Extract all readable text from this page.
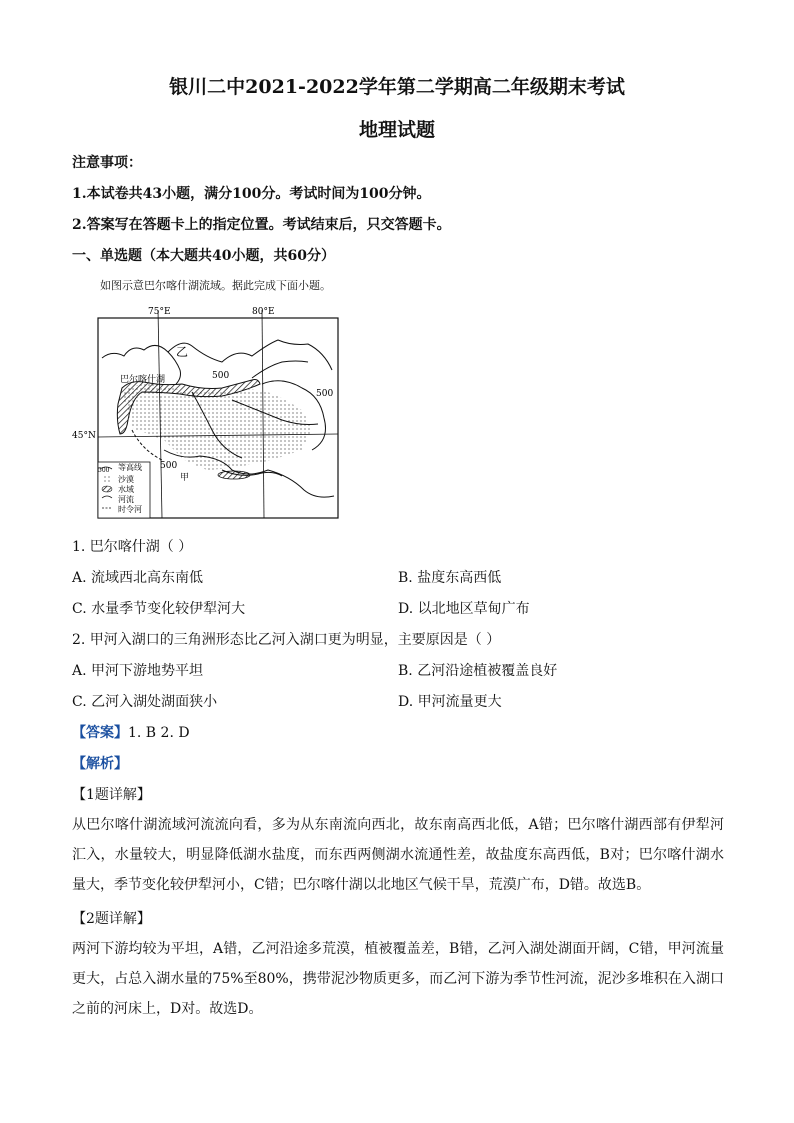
银川二中2021-2022学年第二学期高二年级期末考试
地理试题
注意事项：
1.本试卷共43小题，满分100分。考试时间为100分钟。
2.答案写在答题卡上的指定位置。考试结束后，只交答题卡。
一、单选题（本大题共40小题，共60分）
如图示意巴尔喀什湖流域。据此完成下面小题。
75°E	80°E
45°N
巴尔喀什湖
乙
甲
500
500
500
500 等高线
沙漠
水域
河流
时令河
1. 巴尔喀什湖（ ）
A. 流域西北高东南低	B. 盐度东高西低
C. 水量季节变化较伊犁河大	D. 以北地区草甸广布
2. 甲河入湖口的三角洲形态比乙河入湖口更为明显，主要原因是（ ）
A. 甲河下游地势平坦	B. 乙河沿途植被覆盖良好
C. 乙河入湖处湖面狭小	D. 甲河流量更大
【答案】1. B 2. D
【解析】
【1题详解】
从巴尔喀什湖流域河流流向看，多为从东南流向西北，故东南高西北低，A错；巴尔喀什湖西部有伊犁河汇入，水量较大，明显降低湖水盐度，而东西两侧湖水流通性差，故盐度东高西低，B对；巴尔喀什湖水量大，季节变化较伊犁河小，C错；巴尔喀什湖以北地区气候干旱，荒漠广布，D错。故选B。
【2题详解】
两河下游均较为平坦，A错，乙河沿途多荒漠，植被覆盖差，B错，乙河入湖处湖面开阔，C错，甲河流量更大，占总入湖水量的75%至80%，携带泥沙物质更多，而乙河下游为季节性河流，泥沙多堆积在入湖口之前的河床上，D对。故选D。
